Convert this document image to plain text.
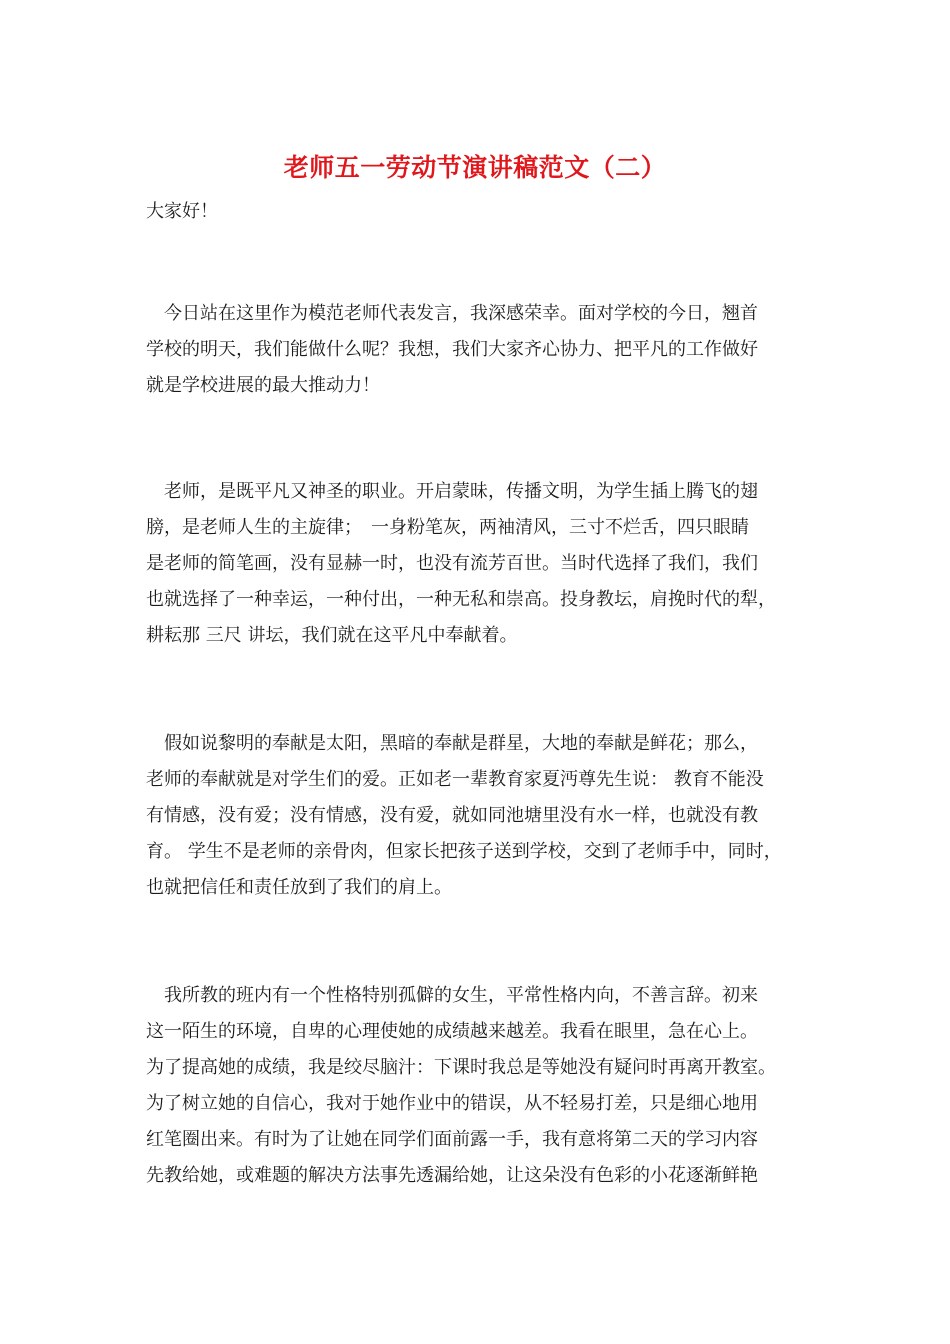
老师五一劳动节演讲稿范文（二）
大家好！
　今日站在这里作为模范老师代表发言，我深感荣幸。面对学校的今日，翘首
学校的明天，我们能做什么呢？我想，我们大家齐心协力、把平凡的工作做好
就是学校进展的最大推动力！
　老师，是既平凡又神圣的职业。开启蒙昧，传播文明，为学生插上腾飞的翅
膀，是老师人生的主旋律；　一身粉笔灰，两袖清风，三寸不烂舌，四只眼睛
是老师的简笔画，没有显赫一时，也没有流芳百世。当时代选择了我们，我们
也就选择了一种幸运，一种付出，一种无私和崇高。投身教坛，肩挽时代的犁，
耕耘那 三尺 讲坛，我们就在这平凡中奉献着。
　假如说黎明的奉献是太阳，黑暗的奉献是群星，大地的奉献是鲜花；那么，
老师的奉献就是对学生们的爱。正如老一辈教育家夏沔尊先生说： 教育不能没
有情感，没有爱；没有情感，没有爱，就如同池塘里没有水一样，也就没有教
育。 学生不是老师的亲骨肉，但家长把孩子送到学校，交到了老师手中，同时，
也就把信任和责任放到了我们的肩上。
　我所教的班内有一个性格特别孤僻的女生，平常性格内向，不善言辞。初来
这一陌生的环境，自卑的心理使她的成绩越来越差。我看在眼里，急在心上。
为了提高她的成绩，我是绞尽脑汁：下课时我总是等她没有疑问时再离开教室。
为了树立她的自信心，我对于她作业中的错误，从不轻易打差，只是细心地用
红笔圈出来。有时为了让她在同学们面前露一手，我有意将第二天的学习内容
先教给她，或难题的解决方法事先透漏给她，让这朵没有色彩的小花逐渐鲜艳
